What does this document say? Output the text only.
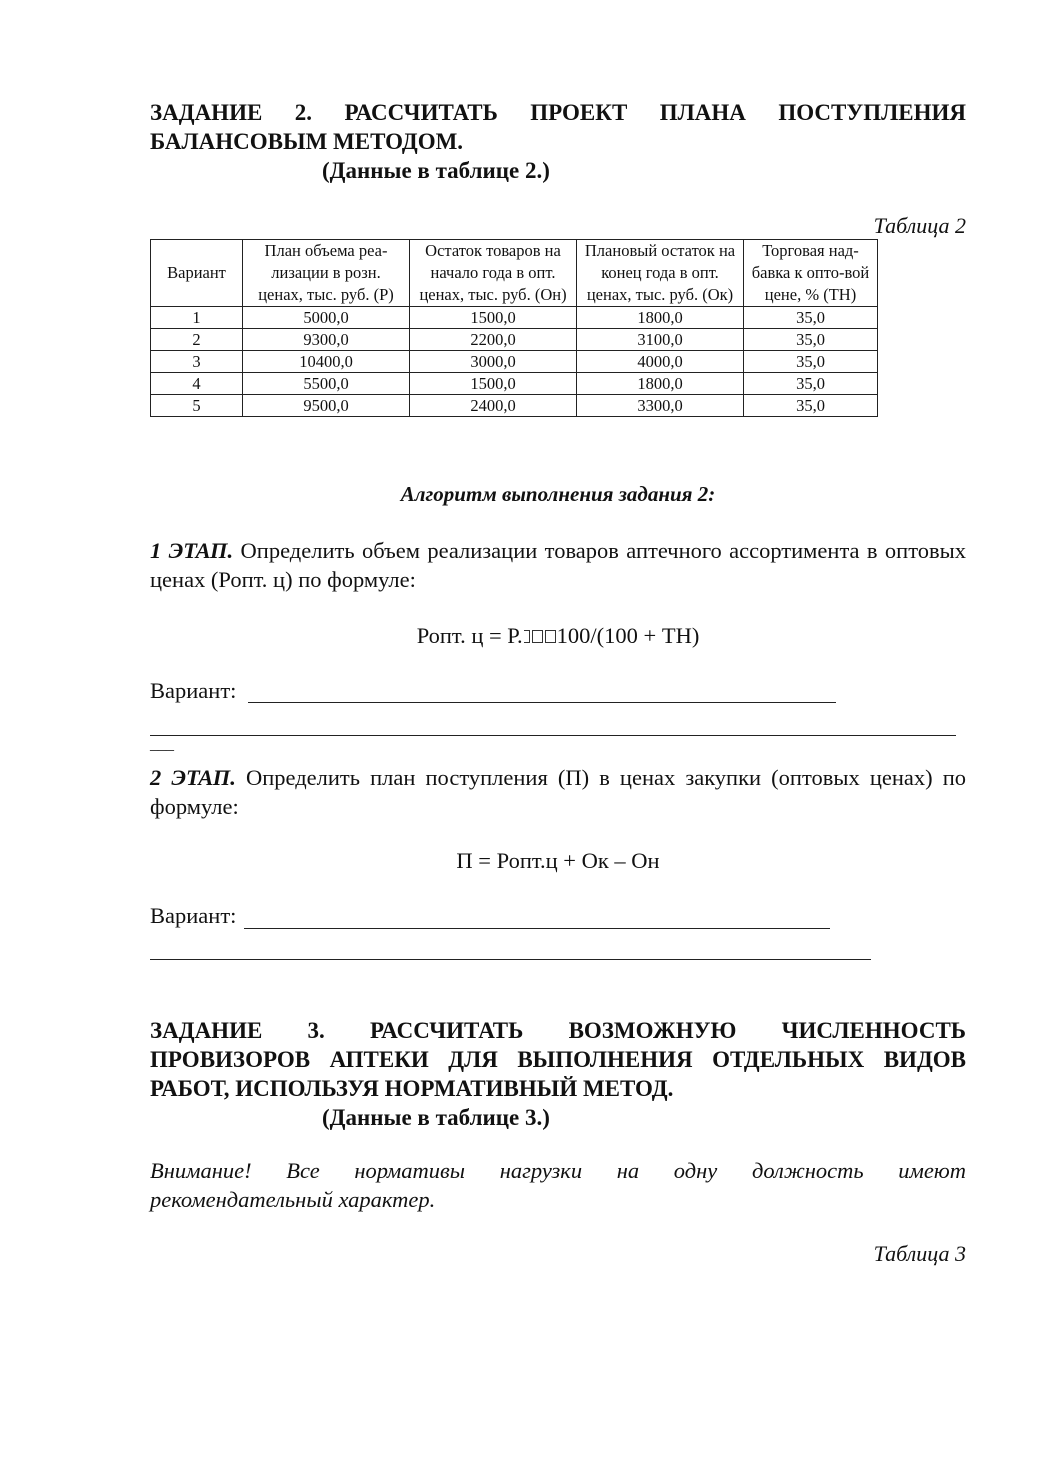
ЗАДАНИЕ 2. РАССЧИТАТЬ ПРОЕКТ ПЛАНА ПОСТУПЛЕНИЯ

БАЛАНСОВЫМ МЕТОДОМ.

(Данные в таблице 2.)

Таблица 2
Вариант	План объема реа-лизации в розн. ценах, тыс. руб. (Р)	Остаток товаров на начало года в опт. ценах, тыс. руб. (Он)	Плановый остаток на конец года в опт. ценах, тыс. руб. (Ок)	Торговая над-бавка к опто-вой цене, % (ТН)
1	5000,0	1500,0	1800,0	35,0
2	9300,0	2200,0	3100,0	35,0
3	10400,0	3000,0	4000,0	35,0
4	5500,0	1500,0	1800,0	35,0
5	9500,0	2400,0	3300,0	35,0
Алгоритм выполнения задания 2:
1 ЭТАП. Определить объем реализации товаров аптечного ассортимента в оптовых ценах (Ропт. ц) по формуле:
Ропт. ц = Р. 100/(100 + ТН)
Вариант:
___
2 ЭТАП. Определить план поступления (П) в ценах закупки (оптовых ценах) по формуле:
П = Ропт.ц + Ок – Он
Вариант:

ЗАДАНИЕ 3. РАССЧИТАТЬ ВОЗМОЖНУЮ ЧИСЛЕННОСТЬ

ПРОВИЗОРОВ АПТЕКИ ДЛЯ ВЫПОЛНЕНИЯ ОТДЕЛЬНЫХ ВИДОВ

РАБОТ, ИСПОЛЬЗУЯ НОРМАТИВНЫЙ МЕТОД.

(Данные в таблице 3.)

Внимание! Все нормативы нагрузки на одну должность имеют
рекомендательный характер.
Таблица 3
